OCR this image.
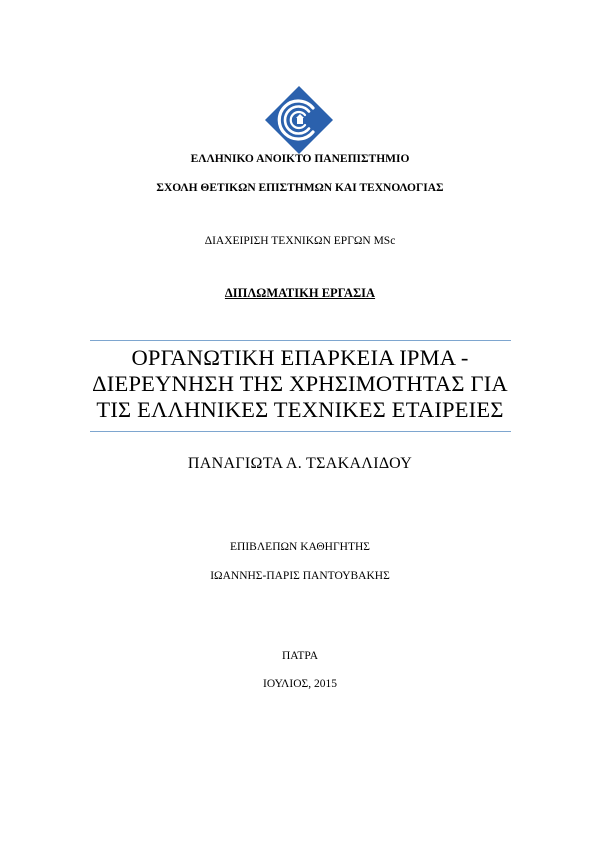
ΕΛΛΗΝΙΚΟ ΑΝΟΙΚΤΟ ΠΑΝΕΠΙΣΤΗΜΙΟ
ΣΧΟΛΗ ΘΕΤΙΚΩΝ ΕΠΙΣΤΗΜΩΝ ΚΑΙ ΤΕΧΝΟΛΟΓΙΑΣ
ΔΙΑΧΕΙΡΙΣΗ ΤΕΧΝΙΚΩΝ ΕΡΓΩΝ MSc
ΔΙΠΛΩΜΑΤΙΚΗ ΕΡΓΑΣΙΑ
ΟΡΓΑΝΩΤΙΚΗ ΕΠΑΡΚΕΙΑ IPMA -
ΔΙΕΡΕΥΝΗΣΗ ΤΗΣ ΧΡΗΣΙΜΟΤΗΤΑΣ ΓΙΑ
ΤΙΣ ΕΛΛΗΝΙΚΕΣ ΤΕΧΝΙΚΕΣ ΕΤΑΙΡΕΙΕΣ
ΠΑΝΑΓΙΩΤΑ Α. ΤΣΑΚΑΛΙΔΟΥ
ΕΠΙΒΛΕΠΩΝ ΚΑΘΗΓΗΤΗΣ
ΙΩΑΝΝΗΣ-ΠΑΡΙΣ ΠΑΝΤΟΥΒΑΚΗΣ
ΠΑΤΡΑ
ΙΟΥΛΙΟΣ, 2015
